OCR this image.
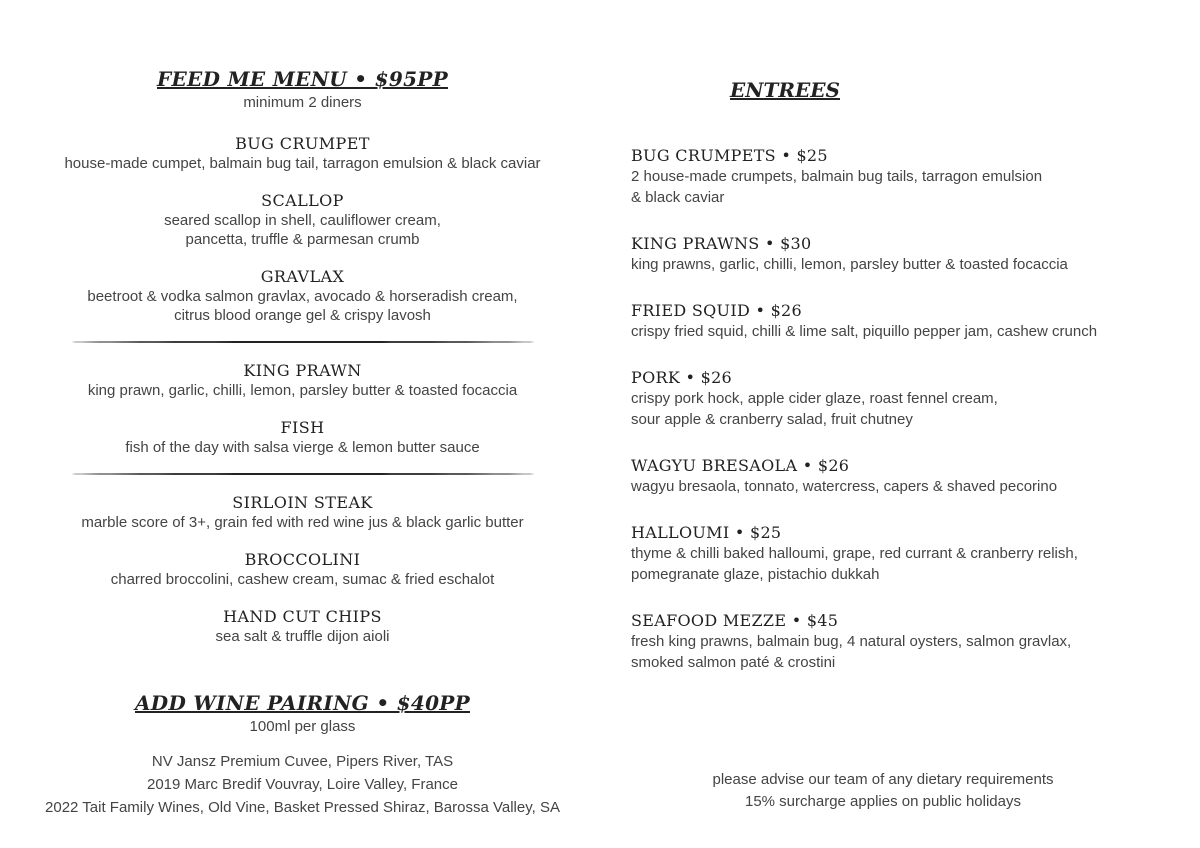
FEED ME MENU • $95PP
minimum 2 diners
BUG CRUMPET
house-made cumpet, balmain bug tail, tarragon emulsion & black caviar
SCALLOP
seared scallop in shell, cauliflower cream,
pancetta, truffle & parmesan crumb
GRAVLAX
beetroot & vodka salmon gravlax, avocado & horseradish cream,
citrus blood orange gel & crispy lavosh
KING PRAWN
king prawn, garlic, chilli, lemon, parsley butter & toasted focaccia
FISH
fish of the day with salsa vierge & lemon butter sauce
SIRLOIN STEAK
marble score of 3+, grain fed with red wine jus & black garlic butter
BROCCOLINI
charred broccolini, cashew cream, sumac & fried eschalot
HAND CUT CHIPS
sea salt & truffle dijon aioli
ADD WINE PAIRING • $40PP
100ml per glass
NV Jansz Premium Cuvee, Pipers River, TAS
2019 Marc Bredif Vouvray, Loire Valley, France
2022 Tait Family Wines, Old Vine, Basket Pressed Shiraz, Barossa Valley, SA
ENTREES
BUG CRUMPETS • $25
2 house-made crumpets, balmain bug tails, tarragon emulsion
& black caviar
KING PRAWNS • $30
king prawns, garlic, chilli, lemon, parsley butter & toasted focaccia
FRIED SQUID • $26
crispy fried squid, chilli & lime salt, piquillo pepper jam, cashew crunch
PORK • $26
crispy pork hock, apple cider glaze, roast fennel cream,
sour apple & cranberry salad, fruit chutney
WAGYU BRESAOLA • $26
wagyu bresaola, tonnato, watercress, capers & shaved pecorino
HALLOUMI • $25
thyme & chilli baked halloumi, grape, red currant & cranberry relish,
pomegranate glaze, pistachio dukkah
SEAFOOD MEZZE • $45
fresh king prawns, balmain bug, 4 natural oysters, salmon gravlax,
smoked salmon paté & crostini
please advise our team of any dietary requirements
15% surcharge applies on public holidays
